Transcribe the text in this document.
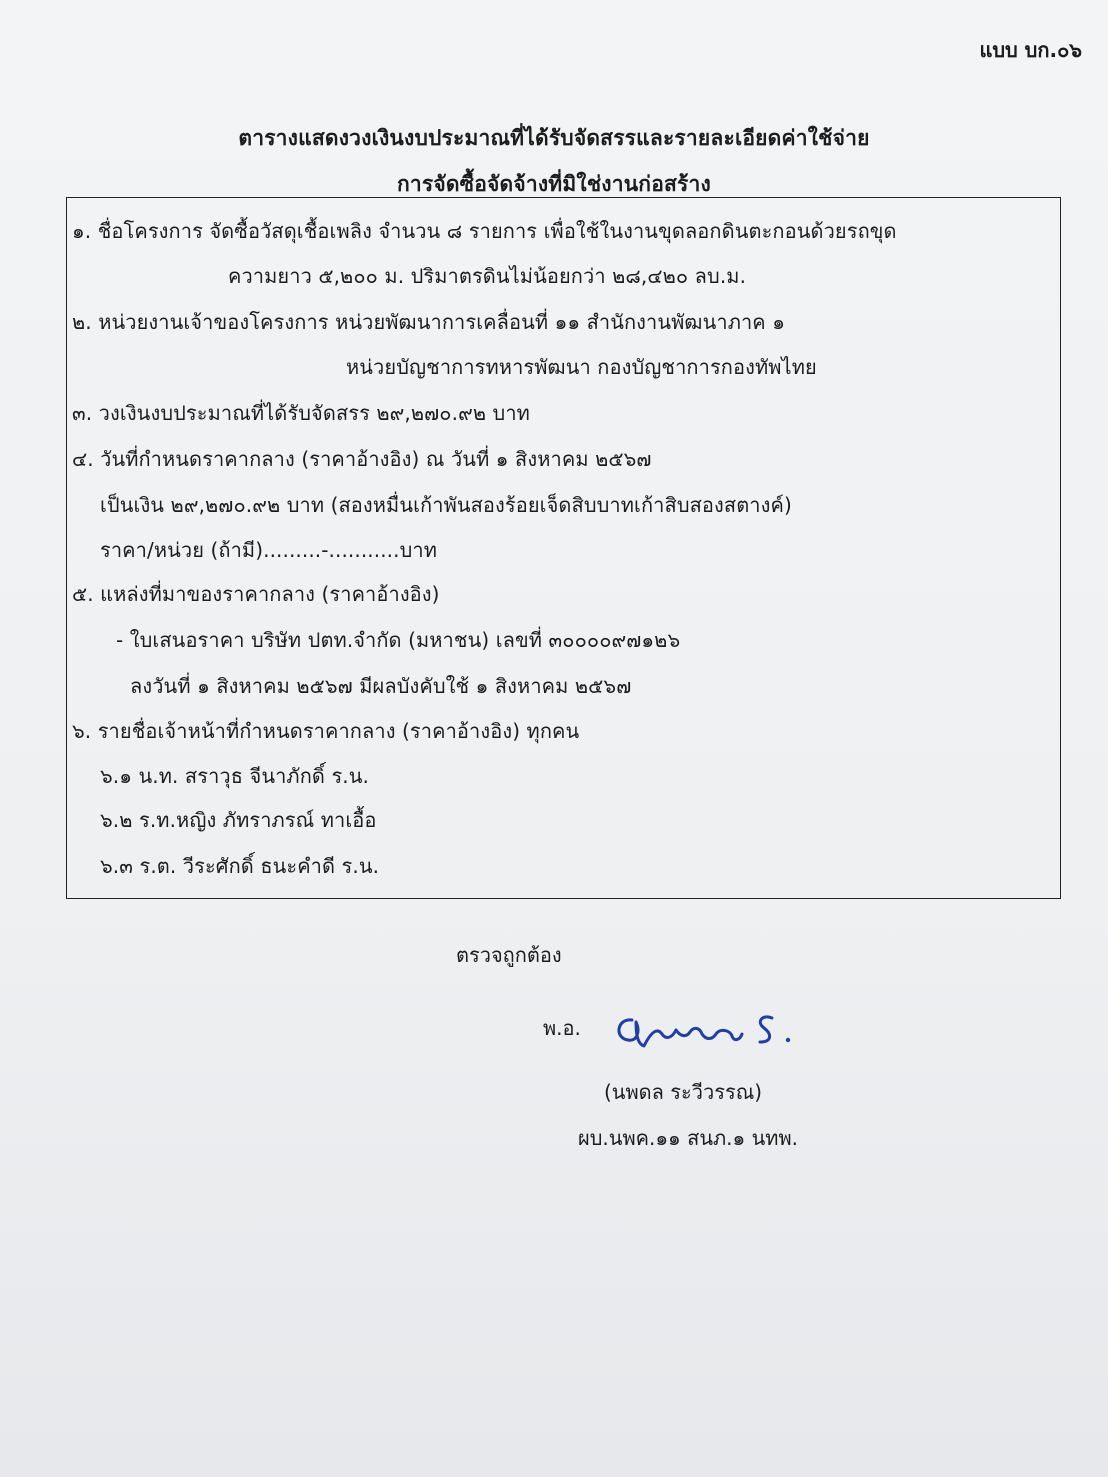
แบบ บก.๐๖
ตารางแสดงวงเงินงบประมาณที่ได้รับจัดสรรและรายละเอียดค่าใช้จ่าย
การจัดซื้อจัดจ้างที่มิใช่งานก่อสร้าง
๑. ชื่อโครงการ จัดซื้อวัสดุเชื้อเพลิง จำนวน ๘ รายการ เพื่อใช้ในงานขุดลอกดินตะกอนด้วยรถขุด
ความยาว ๕,๒๐๐ ม. ปริมาตรดินไม่น้อยกว่า ๒๘,๔๒๐ ลบ.ม.
๒. หน่วยงานเจ้าของโครงการ หน่วยพัฒนาการเคลื่อนที่ ๑๑ สำนักงานพัฒนาภาค ๑
หน่วยบัญชาการทหารพัฒนา กองบัญชาการกองทัพไทย
๓. วงเงินงบประมาณที่ได้รับจัดสรร ๒๙,๒๗๐.๙๒ บาท
๔. วันที่กำหนดราคากลาง (ราคาอ้างอิง) ณ วันที่ ๑ สิงหาคม ๒๕๖๗
เป็นเงิน ๒๙,๒๗๐.๙๒ บาท (สองหมื่นเก้าพันสองร้อยเจ็ดสิบบาทเก้าสิบสองสตางค์)
ราคา/หน่วย (ถ้ามี).........-...........บาท
๕. แหล่งที่มาของราคากลาง (ราคาอ้างอิง)
- ใบเสนอราคา บริษัท ปตท.จำกัด (มหาชน) เลขที่ ๓๐๐๐๐๙๗๑๒๖
ลงวันที่ ๑ สิงหาคม ๒๕๖๗ มีผลบังคับใช้ ๑ สิงหาคม ๒๕๖๗
๖. รายชื่อเจ้าหน้าที่กำหนดราคากลาง (ราคาอ้างอิง) ทุกคน
๖.๑ น.ท. สราวุธ จีนาภักดิ์ ร.น.
๖.๒ ร.ท.หญิง ภัทราภรณ์ ทาเอื้อ
๖.๓ ร.ต. วีระศักดิ์ ธนะคำดี ร.น.
ตรวจถูกต้อง
พ.อ.
(นพดล ระวีวรรณ)
ผบ.นพค.๑๑ สนภ.๑ นทพ.
